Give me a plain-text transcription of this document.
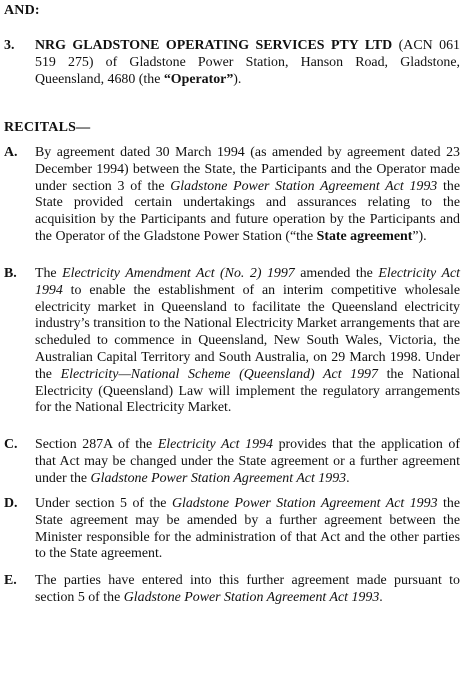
AND:
3. NRG GLADSTONE OPERATING SERVICES PTY LTD (ACN 061 519 275) of Gladstone Power Station, Hanson Road, Gladstone, Queensland, 4680 (the “Operator”).
RECITALS—
A. By agreement dated 30 March 1994 (as amended by agreement dated 23 December 1994) between the State, the Participants and the Operator made under section 3 of the Gladstone Power Station Agreement Act 1993 the State provided certain undertakings and assurances relating to the acquisition by the Participants and future operation by the Participants and the Operator of the Gladstone Power Station (“the State agreement”).
B. The Electricity Amendment Act (No. 2) 1997 amended the Electricity Act 1994 to enable the establishment of an interim competitive wholesale electricity market in Queensland to facilitate the Queensland electricity industry’s transition to the National Electricity Market arrangements that are scheduled to commence in Queensland, New South Wales, Victoria, the Australian Capital Territory and South Australia, on 29 March 1998. Under the Electricity—National Scheme (Queensland) Act 1997 the National Electricity (Queensland) Law will implement the regulatory arrangements for the National Electricity Market.
C. Section 287A of the Electricity Act 1994 provides that the application of that Act may be changed under the State agreement or a further agreement under the Gladstone Power Station Agreement Act 1993.
D. Under section 5 of the Gladstone Power Station Agreement Act 1993 the State agreement may be amended by a further agreement between the Minister responsible for the administration of that Act and the other parties to the State agreement.
E. The parties have entered into this further agreement made pursuant to section 5 of the Gladstone Power Station Agreement Act 1993.
